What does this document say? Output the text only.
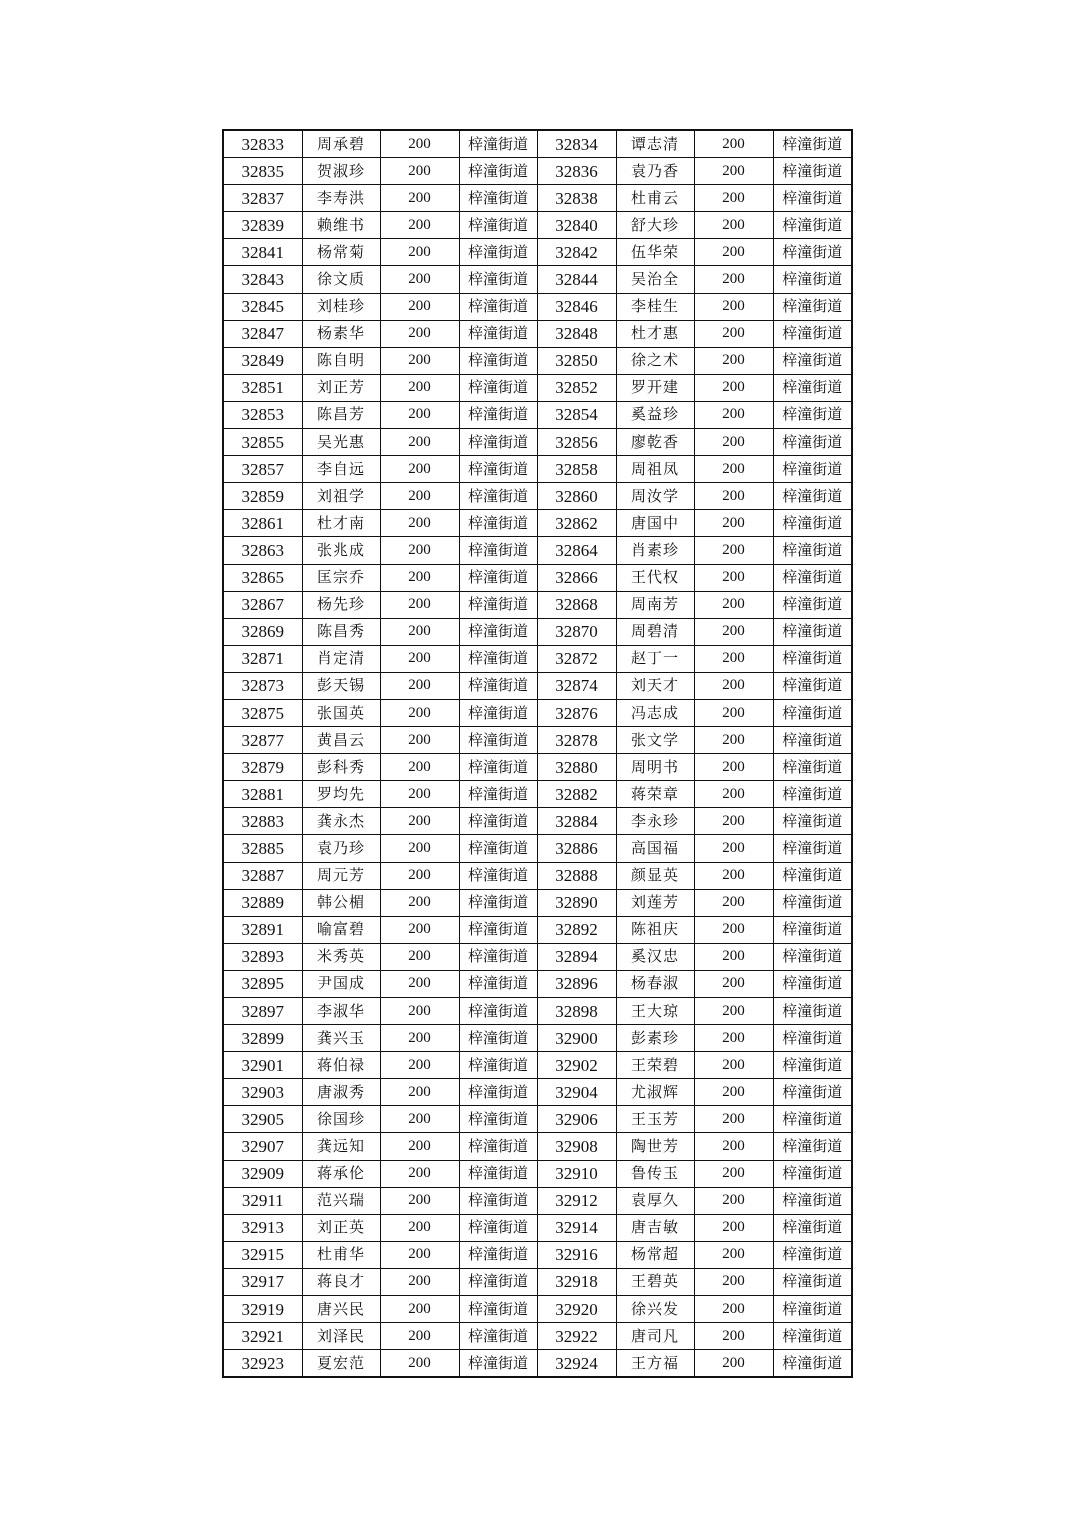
32833	周承碧	200	梓潼街道	32834	谭志清	200	梓潼街道
32835	贺淑珍	200	梓潼街道	32836	袁乃香	200	梓潼街道
32837	李寿洪	200	梓潼街道	32838	杜甫云	200	梓潼街道
32839	赖维书	200	梓潼街道	32840	舒大珍	200	梓潼街道
32841	杨常菊	200	梓潼街道	32842	伍华荣	200	梓潼街道
32843	徐文质	200	梓潼街道	32844	吴治全	200	梓潼街道
32845	刘桂珍	200	梓潼街道	32846	李桂生	200	梓潼街道
32847	杨素华	200	梓潼街道	32848	杜才惠	200	梓潼街道
32849	陈自明	200	梓潼街道	32850	徐之术	200	梓潼街道
32851	刘正芳	200	梓潼街道	32852	罗开建	200	梓潼街道
32853	陈昌芳	200	梓潼街道	32854	奚益珍	200	梓潼街道
32855	吴光惠	200	梓潼街道	32856	廖乾香	200	梓潼街道
32857	李自远	200	梓潼街道	32858	周祖凤	200	梓潼街道
32859	刘祖学	200	梓潼街道	32860	周汝学	200	梓潼街道
32861	杜才南	200	梓潼街道	32862	唐国中	200	梓潼街道
32863	张兆成	200	梓潼街道	32864	肖素珍	200	梓潼街道
32865	匡宗乔	200	梓潼街道	32866	王代权	200	梓潼街道
32867	杨先珍	200	梓潼街道	32868	周南芳	200	梓潼街道
32869	陈昌秀	200	梓潼街道	32870	周碧清	200	梓潼街道
32871	肖定清	200	梓潼街道	32872	赵丁一	200	梓潼街道
32873	彭天锡	200	梓潼街道	32874	刘天才	200	梓潼街道
32875	张国英	200	梓潼街道	32876	冯志成	200	梓潼街道
32877	黄昌云	200	梓潼街道	32878	张文学	200	梓潼街道
32879	彭科秀	200	梓潼街道	32880	周明书	200	梓潼街道
32881	罗均先	200	梓潼街道	32882	蒋荣章	200	梓潼街道
32883	龚永杰	200	梓潼街道	32884	李永珍	200	梓潼街道
32885	袁乃珍	200	梓潼街道	32886	高国福	200	梓潼街道
32887	周元芳	200	梓潼街道	32888	颜显英	200	梓潼街道
32889	韩公楣	200	梓潼街道	32890	刘莲芳	200	梓潼街道
32891	喻富碧	200	梓潼街道	32892	陈祖庆	200	梓潼街道
32893	米秀英	200	梓潼街道	32894	奚汉忠	200	梓潼街道
32895	尹国成	200	梓潼街道	32896	杨春淑	200	梓潼街道
32897	李淑华	200	梓潼街道	32898	王大琼	200	梓潼街道
32899	龚兴玉	200	梓潼街道	32900	彭素珍	200	梓潼街道
32901	蒋伯禄	200	梓潼街道	32902	王荣碧	200	梓潼街道
32903	唐淑秀	200	梓潼街道	32904	尤淑辉	200	梓潼街道
32905	徐国珍	200	梓潼街道	32906	王玉芳	200	梓潼街道
32907	龚远知	200	梓潼街道	32908	陶世芳	200	梓潼街道
32909	蒋承伦	200	梓潼街道	32910	鲁传玉	200	梓潼街道
32911	范兴瑞	200	梓潼街道	32912	袁厚久	200	梓潼街道
32913	刘正英	200	梓潼街道	32914	唐吉敏	200	梓潼街道
32915	杜甫华	200	梓潼街道	32916	杨常超	200	梓潼街道
32917	蒋良才	200	梓潼街道	32918	王碧英	200	梓潼街道
32919	唐兴民	200	梓潼街道	32920	徐兴发	200	梓潼街道
32921	刘泽民	200	梓潼街道	32922	唐司凡	200	梓潼街道
32923	夏宏范	200	梓潼街道	32924	王方福	200	梓潼街道
